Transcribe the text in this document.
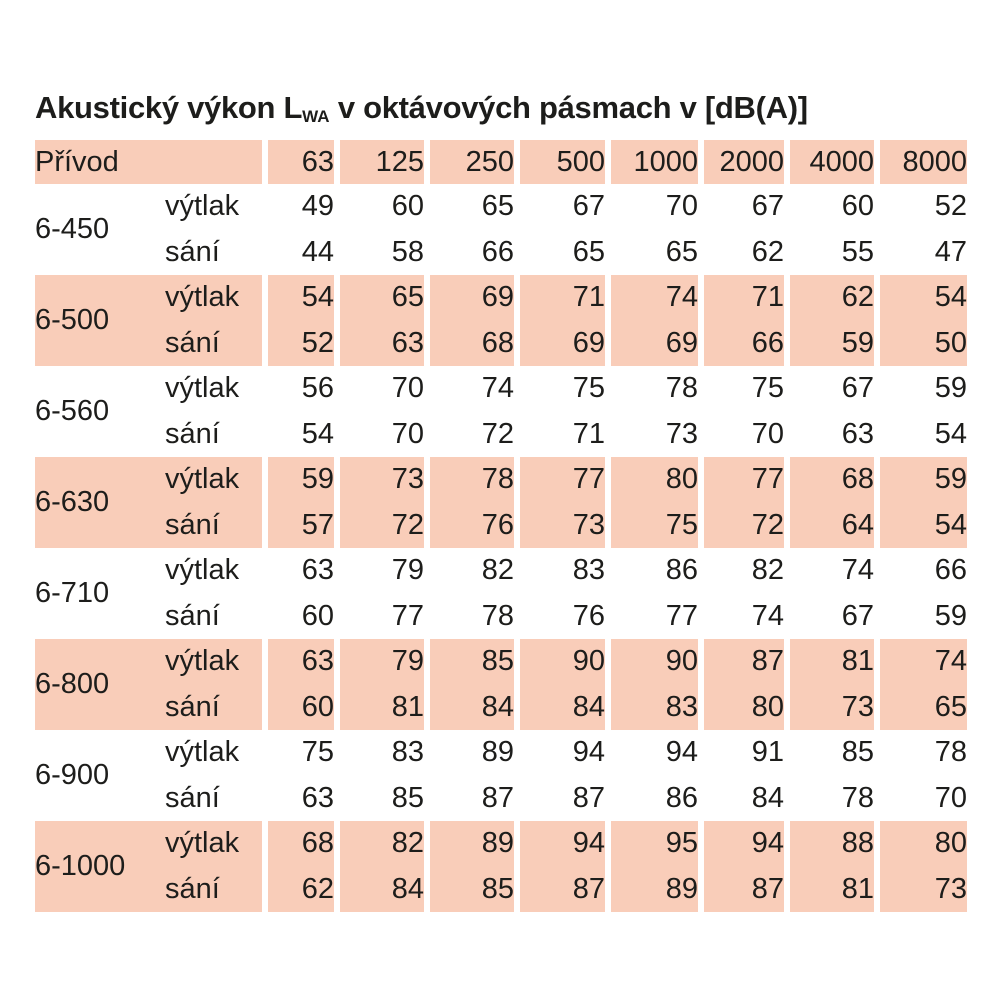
Akustický výkon $L_{WA}$ v oktávových pásmach v [dB(A)]
Přívod		63	125	250	500	1000	2000	4000	8000
6-450	výtlak	49	60	65	67	70	67	60	52
	sání	44	58	66	65	65	62	55	47
6-500	výtlak	54	65	69	71	74	71	62	54
	sání	52	63	68	69	69	66	59	50
6-560	výtlak	56	70	74	75	78	75	67	59
	sání	54	70	72	71	73	70	63	54
6-630	výtlak	59	73	78	77	80	77	68	59
	sání	57	72	76	73	75	72	64	54
6-710	výtlak	63	79	82	83	86	82	74	66
	sání	60	77	78	76	77	74	67	59
6-800	výtlak	63	79	85	90	90	87	81	74
	sání	60	81	84	84	83	80	73	65
6-900	výtlak	75	83	89	94	94	91	85	78
	sání	63	85	87	87	86	84	78	70
6-1000	výtlak	68	82	89	94	95	94	88	80
	sání	62	84	85	87	89	87	81	73
